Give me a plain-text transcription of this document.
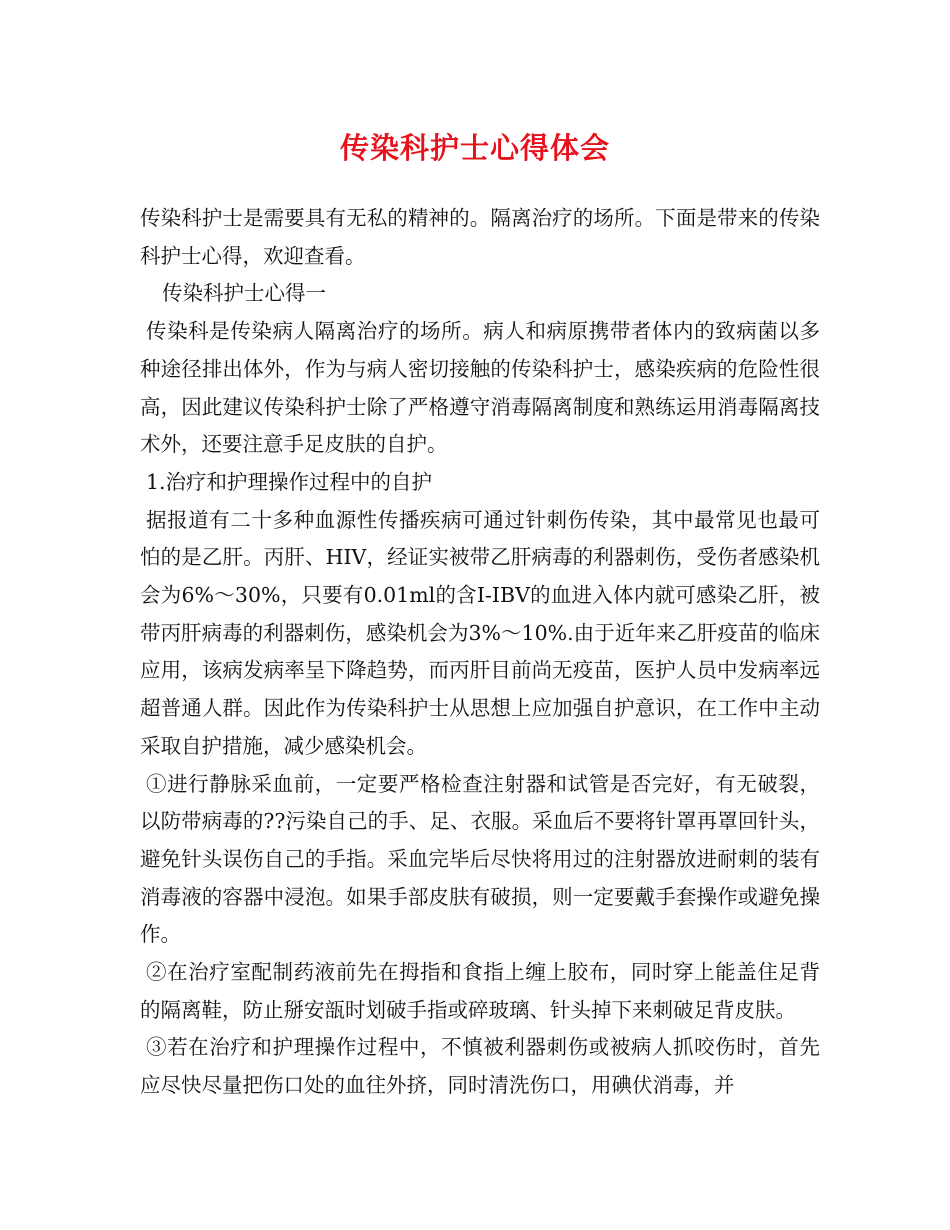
传染科护士心得体会

传染科护士是需要具有无私的精神的。隔离治疗的场所。下面是带来的传染科护士心得，欢迎查看。

传染科护士心得一

传染科是传染病人隔离治疗的场所。病人和病原携带者体内的致病菌以多种途径排出体外，作为与病人密切接触的传染科护士，感染疾病的危险性很高，因此建议传染科护士除了严格遵守消毒隔离制度和熟练运用消毒隔离技术外，还要注意手足皮肤的自护。

1.治疗和护理操作过程中的自护

据报道有二十多种血源性传播疾病可通过针刺伤传染，其中最常见也最可怕的是乙肝。丙肝、HIV，经证实被带乙肝病毒的利器刺伤，受伤者感染机会为6%～30%，只要有0.01ml的含I-IBV的血进入体内就可感染乙肝，被带丙肝病毒的利器刺伤，感染机会为3%～10%.由于近年来乙肝疫苗的临床应用，该病发病率呈下降趋势，而丙肝目前尚无疫苗，医护人员中发病率远超普通人群。因此作为传染科护士从思想上应加强自护意识，在工作中主动采取自护措施，减少感染机会。

①进行静脉采血前，一定要严格检查注射器和试管是否完好，有无破裂，以防带病毒的??污染自己的手、足、衣服。采血后不要将针罩再罩回针头，避免针头误伤自己的手指。采血完毕后尽快将用过的注射器放进耐刺的装有消毒液的容器中浸泡。如果手部皮肤有破损，则一定要戴手套操作或避免操作。

②在治疗室配制药液前先在拇指和食指上缠上胶布，同时穿上能盖住足背的隔离鞋，防止掰安瓿时划破手指或碎玻璃、针头掉下来刺破足背皮肤。

③若在治疗和护理操作过程中，不慎被利器刺伤或被病人抓咬伤时，首先应尽快尽量把伤口处的血往外挤，同时清洗伤口，用碘伏消毒，并
